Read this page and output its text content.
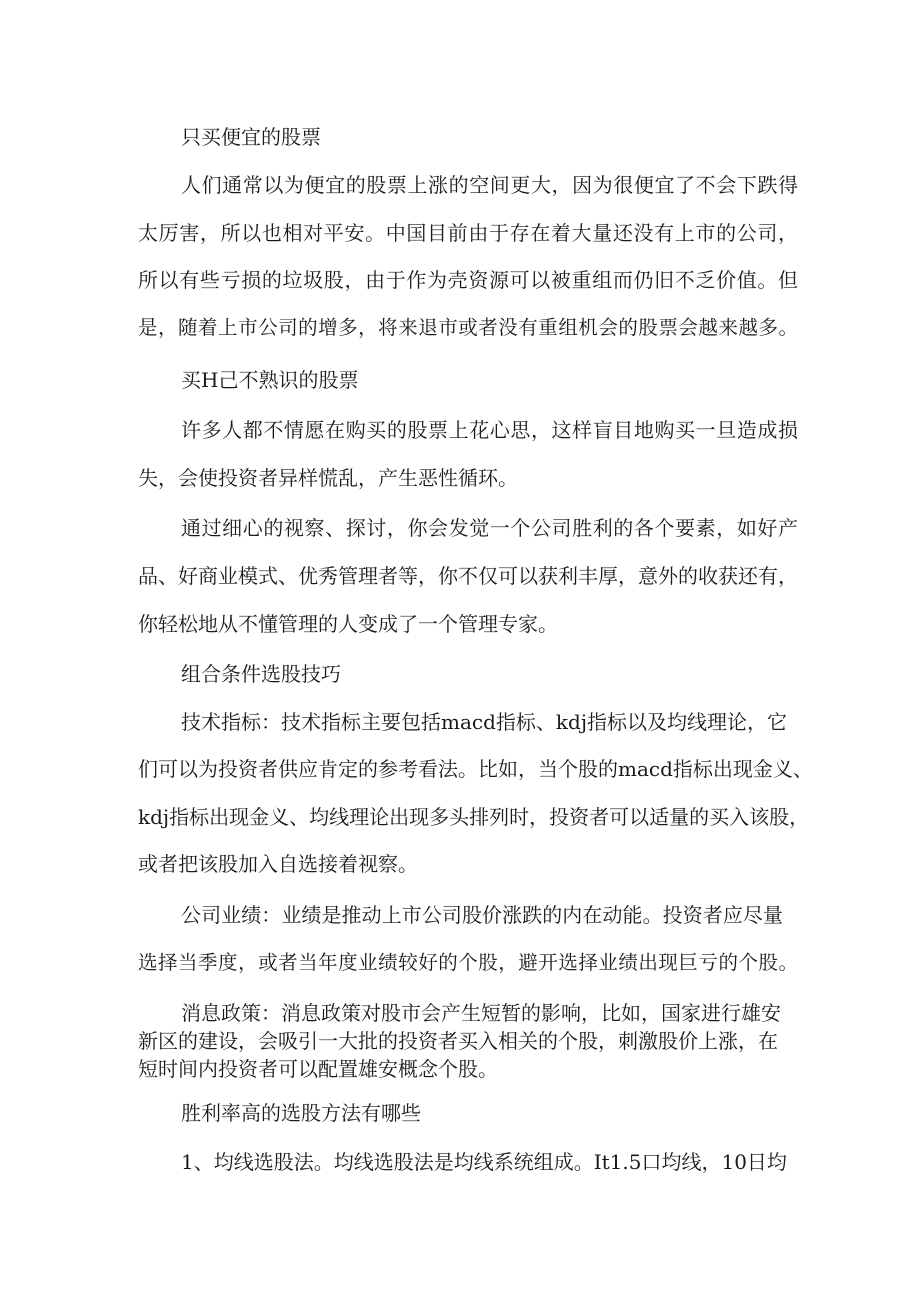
只买便宜的股票

人们通常以为便宜的股票上涨的空间更大，因为很便宜了不会下跌得

太厉害，所以也相对平安。中国目前由于存在着大量还没有上市的公司，

所以有些亏损的垃圾股，由于作为壳资源可以被重组而仍旧不乏价值。但

是，随着上市公司的增多，将来退市或者没有重组机会的股票会越来越多。

买H己不熟识的股票

许多人都不情愿在购买的股票上花心思，这样盲目地购买一旦造成损

失，会使投资者异样慌乱，产生恶性循环。

通过细心的视察、探讨，你会发觉一个公司胜利的各个要素，如好产

品、好商业模式、优秀管理者等，你不仅可以获利丰厚，意外的收获还有，

你轻松地从不懂管理的人变成了一个管理专家。

组合条件选股技巧

技术指标：技术指标主要包括macd指标、kdj指标以及均线理论，它

们可以为投资者供应肯定的参考看法。比如，当个股的macd指标出现金义、

kdj指标出现金义、均线理论出现多头排列时，投资者可以适量的买入该股，

或者把该股加入自选接着视察。

公司业绩：业绩是推动上市公司股价涨跌的内在动能。投资者应尽量

选择当季度，或者当年度业绩较好的个股，避开选择业绩出现巨亏的个股。

消息政策：消息政策对股市会产生短暂的影响，比如，国家进行雄安

新区的建设，会吸引一大批的投资者买入相关的个股，刺激股价上涨，在

短时间内投资者可以配置雄安概念个股。

胜利率高的选股方法有哪些

1、均线选股法。均线选股法是均线系统组成。It1.5口均线，10日均
